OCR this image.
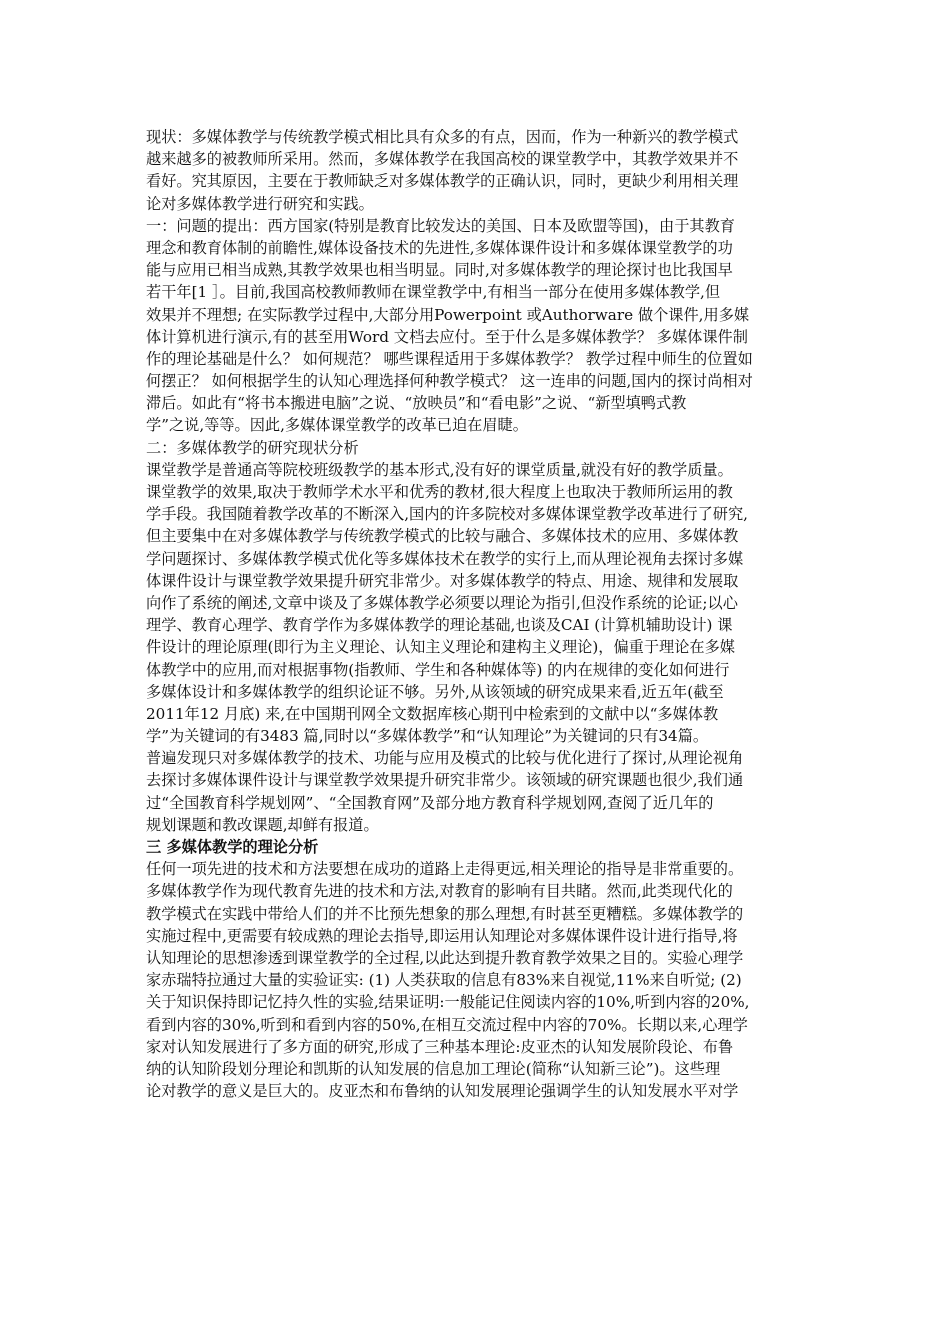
现状：多媒体教学与传统教学模式相比具有众多的有点，因而，作为一种新兴的教学模式
越来越多的被教师所采用。然而，多媒体教学在我国高校的课堂教学中，其教学效果并不
看好。究其原因，主要在于教师缺乏对多媒体教学的正确认识，同时，更缺少利用相关理
论对多媒体教学进行研究和实践。
一：问题的提出：西方国家(特别是教育比较发达的美国、日本及欧盟等国)，由于其教育
理念和教育体制的前瞻性,媒体设备技术的先进性,多媒体课件设计和多媒体课堂教学的功
能与应用已相当成熟,其教学效果也相当明显。同时,对多媒体教学的理论探讨也比我国早
若干年[1 ］。目前,我国高校教师教师在课堂教学中,有相当一部分在使用多媒体教学,但
效果并不理想; 在实际教学过程中,大部分用Powerpoint 或Authorware 做个课件,用多媒
体计算机进行演示,有的甚至用Word 文档去应付。至于什么是多媒体教学？ 多媒体课件制
作的理论基础是什么？ 如何规范？ 哪些课程适用于多媒体教学？ 教学过程中师生的位置如
何摆正？ 如何根据学生的认知心理选择何种教学模式？ 这一连串的问题,国内的探讨尚相对
滞后。如此有“将书本搬进电脑”之说、“放映员”和“看电影”之说、“新型填鸭式教
学”之说,等等。因此,多媒体课堂教学的改革已迫在眉睫。
二：多媒体教学的研究现状分析
课堂教学是普通高等院校班级教学的基本形式,没有好的课堂质量,就没有好的教学质量。
课堂教学的效果,取决于教师学术水平和优秀的教材,很大程度上也取决于教师所运用的教
学手段。我国随着教学改革的不断深入,国内的许多院校对多媒体课堂教学改革进行了研究,
但主要集中在对多媒体教学与传统教学模式的比较与融合、多媒体技术的应用、多媒体教
学问题探讨、多媒体教学模式优化等多媒体技术在教学的实行上,而从理论视角去探讨多媒
体课件设计与课堂教学效果提升研究非常少。对多媒体教学的特点、用途、规律和发展取
向作了系统的阐述,文章中谈及了多媒体教学必须要以理论为指引,但没作系统的论证;以心
理学、教育心理学、教育学作为多媒体教学的理论基础,也谈及CAI (计算机辅助设计) 课
件设计的理论原理(即行为主义理论、认知主义理论和建构主义理论)，偏重于理论在多媒
体教学中的应用,而对根据事物(指教师、学生和各种媒体等) 的内在规律的变化如何进行
多媒体设计和多媒体教学的组织论证不够。另外,从该领域的研究成果来看,近五年(截至
2011年12 月底) 来,在中国期刊网全文数据库核心期刊中检索到的文献中以“多媒体教
学”为关键词的有3483 篇,同时以“多媒体教学”和“认知理论”为关键词的只有34篇。
普遍发现只对多媒体教学的技术、功能与应用及模式的比较与优化进行了探讨,从理论视角
去探讨多媒体课件设计与课堂教学效果提升研究非常少。该领域的研究课题也很少,我们通
过“全国教育科学规划网”、“全国教育网”及部分地方教育科学规划网,查阅了近几年的
规划课题和教改课题,却鲜有报道。
三 多媒体教学的理论分析
任何一项先进的技术和方法要想在成功的道路上走得更远,相关理论的指导是非常重要的。
多媒体教学作为现代教育先进的技术和方法,对教育的影响有目共睹。然而,此类现代化的
教学模式在实践中带给人们的并不比预先想象的那么理想,有时甚至更糟糕。多媒体教学的
实施过程中,更需要有较成熟的理论去指导,即运用认知理论对多媒体课件设计进行指导,将
认知理论的思想渗透到课堂教学的全过程,以此达到提升教育教学效果之目的。实验心理学
家赤瑞特拉通过大量的实验证实: (1) 人类获取的信息有83%来自视觉,11%来自听觉; (2)
关于知识保持即记忆持久性的实验,结果证明:一般能记住阅读内容的10%,听到内容的20%,
看到内容的30%,听到和看到内容的50%,在相互交流过程中内容的70%。长期以来,心理学
家对认知发展进行了多方面的研究,形成了三种基本理论:皮亚杰的认知发展阶段论、布鲁
纳的认知阶段划分理论和凯斯的认知发展的信息加工理论(简称“认知新三论”)。这些理
论对教学的意义是巨大的。皮亚杰和布鲁纳的认知发展理论强调学生的认知发展水平对学
